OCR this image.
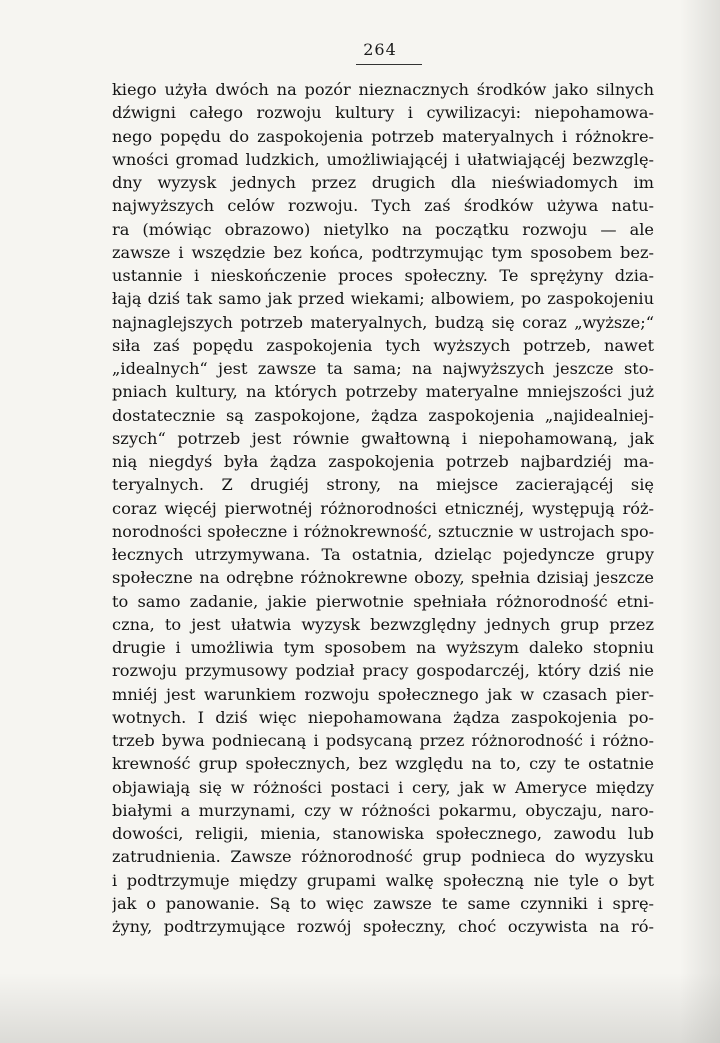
264
kiego użyła dwóch na pozór nieznacznych środków jako silnych
dźwigni całego rozwoju kultury i cywilizacyi: niepohamowa-
nego popędu do zaspokojenia potrzeb materyalnych i różnokre-
wności gromad ludzkich, umożliwiającéj i ułatwiającéj bezwzglę-
dny wyzysk jednych przez drugich dla nieświadomych im
najwyższych celów rozwoju. Tych zaś środków używa natu-
ra (mówiąc obrazowo) nietylko na początku rozwoju — ale
zawsze i wszędzie bez końca, podtrzymując tym sposobem bez-
ustannie i nieskończenie proces społeczny. Te sprężyny dzia-
łają dziś tak samo jak przed wiekami; albowiem, po zaspokojeniu
najnaglejszych potrzeb materyalnych, budzą się coraz „wyższe;“
siła zaś popędu zaspokojenia tych wyższych potrzeb, nawet
„idealnych“ jest zawsze ta sama; na najwyższych jeszcze sto-
pniach kultury, na których potrzeby materyalne mniejszości już
dostatecznie są zaspokojone, żądza zaspokojenia „najidealniej-
szych“ potrzeb jest równie gwałtowną i niepohamowaną, jak
nią niegdyś była żądza zaspokojenia potrzeb najbardziéj ma-
teryalnych. Z drugiéj strony, na miejsce zacierającéj się
coraz więcéj pierwotnéj różnorodności etnicznéj, występują róż-
norodności społeczne i różnokrewność, sztucznie w ustrojach spo-
łecznych utrzymywana. Ta ostatnia, dzieląc pojedyncze grupy
społeczne na odrębne różnokrewne obozy, spełnia dzisiaj jeszcze
to samo zadanie, jakie pierwotnie spełniała różnorodność etni-
czna, to jest ułatwia wyzysk bezwzględny jednych grup przez
drugie i umożliwia tym sposobem na wyższym daleko stopniu
rozwoju przymusowy podział pracy gospodarczéj, który dziś nie
mniéj jest warunkiem rozwoju społecznego jak w czasach pier-
wotnych. I dziś więc niepohamowana żądza zaspokojenia po-
trzeb bywa podniecaną i podsycaną przez różnorodność i różno-
krewność grup społecznych, bez względu na to, czy te ostatnie
objawiają się w różności postaci i cery, jak w Ameryce między
białymi a murzynami, czy w różności pokarmu, obyczaju, naro-
dowości, religii, mienia, stanowiska społecznego, zawodu lub
zatrudnienia. Zawsze różnorodność grup podnieca do wyzysku
i podtrzymuje między grupami walkę społeczną nie tyle o byt
jak o panowanie. Są to więc zawsze te same czynniki i sprę-
żyny, podtrzymujące rozwój społeczny, choć oczywista na ró-
